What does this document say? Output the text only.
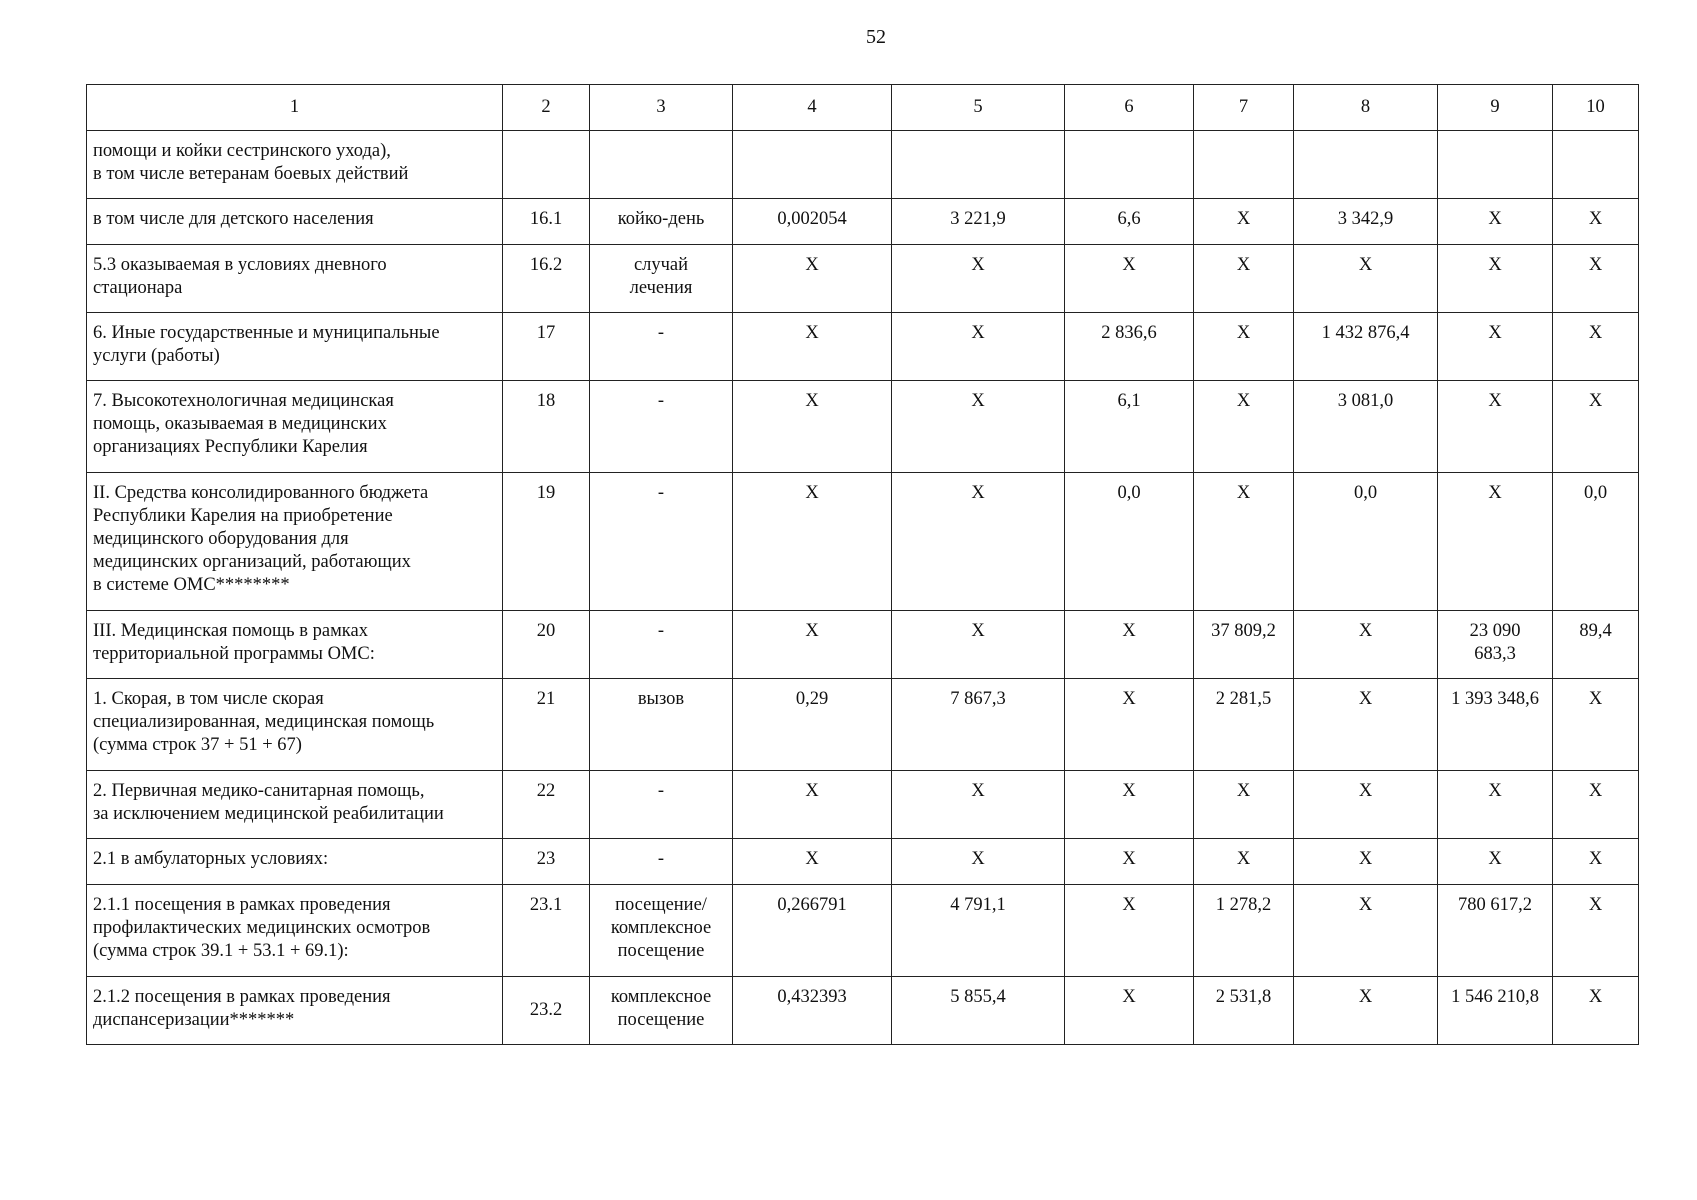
52
1	2	3	4	5	6	7	8	9	10
помощи и койки сестринского ухода),
в том числе ветеранам боевых действий									
в том числе для детского населения	16.1	койко-день	0,002054	3 221,9	6,6	Х	3 342,9	Х	Х
5.3 оказываемая в условиях дневного
стационара	16.2	случай
лечения	Х	Х	Х	Х	Х	Х	Х
6. Иные государственные и муниципальные
услуги (работы)	17	-	Х	Х	2 836,6	Х	1 432 876,4	Х	Х
7. Высокотехнологичная медицинская
помощь, оказываемая в медицинских
организациях Республики Карелия	18	-	Х	Х	6,1	Х	3 081,0	Х	Х
II. Средства консолидированного бюджета
Республики Карелия на приобретение
медицинского оборудования для
медицинских организаций, работающих
в системе ОМС********	19	-	Х	Х	0,0	Х	0,0	Х	0,0
III. Медицинская помощь в рамках
территориальной программы ОМС:	20	-	Х	Х	Х	37 809,2	Х	23 090
683,3	89,4
1. Скорая, в том числе скорая
специализированная, медицинская помощь
(сумма строк 37 + 51 + 67)	21	вызов	0,29	7 867,3	Х	2 281,5	Х	1 393 348,6	Х
2. Первичная медико-санитарная помощь,
за исключением медицинской реабилитации	22	-	Х	Х	Х	Х	Х	Х	Х
2.1 в амбулаторных условиях:	23	-	Х	Х	Х	Х	Х	Х	Х
2.1.1 посещения в рамках проведения
профилактических медицинских осмотров
(сумма строк 39.1 + 53.1 + 69.1):	23.1	посещение/
комплексное
посещение	0,266791	4 791,1	Х	1 278,2	Х	780 617,2	Х
2.1.2 посещения в рамках проведения
диспансеризации*******	23.2	комплексное
посещение	0,432393	5 855,4	Х	2 531,8	Х	1 546 210,8	Х
